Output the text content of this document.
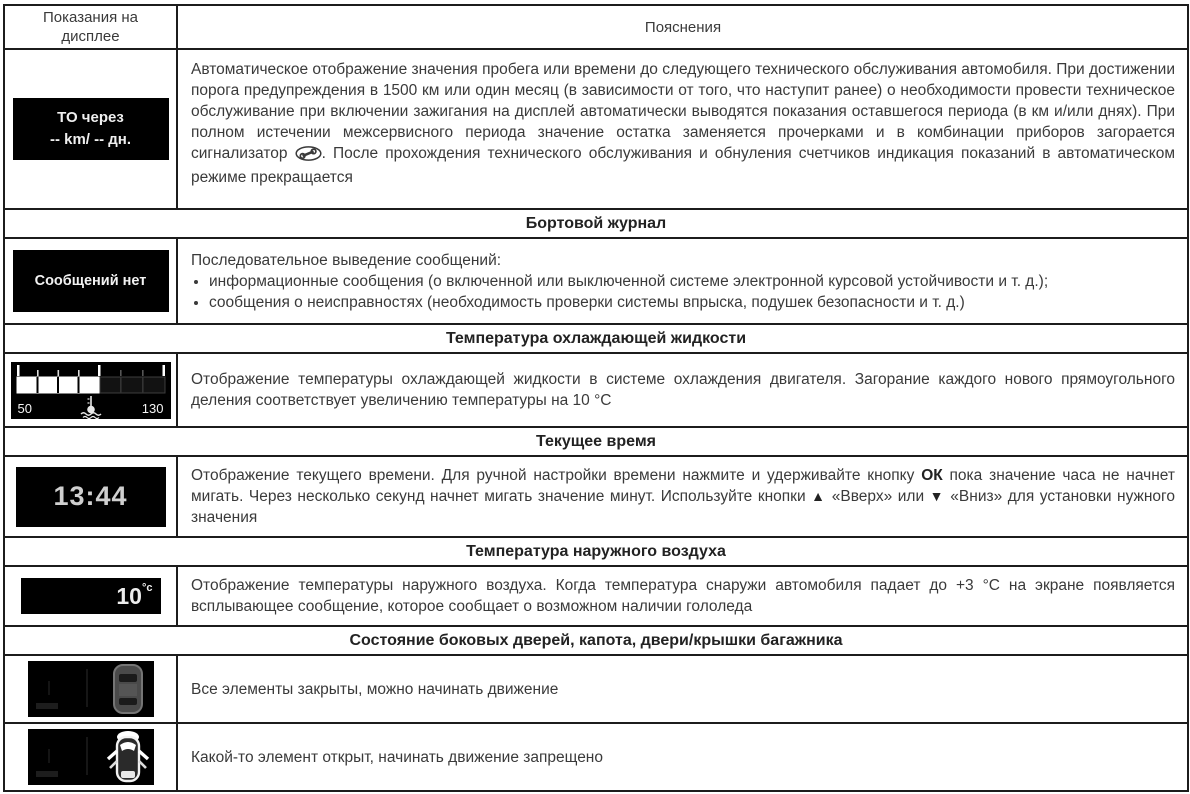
Показания на дисплее
Пояснения
ТО через
-- km/ -- дн.
Автоматическое отображение значения пробега или времени до следующего технического обслуживания автомобиля. При достижении порога предупреждения в 1500 км или один месяц (в зависимости от того, что наступит ранее) о необходимости провести техническое обслуживание при включении зажигания на дисплей автоматически выводятся показания оставшегося периода (в км и/или днях). При полном истечении межсервисного периода значение остатка заменяется прочерками и в комбинации приборов загорается сигнализатор . После прохождения технического обслуживания и обнуления счетчиков индикация показаний в автоматическом режиме прекращается
Бортовой журнал
Сообщений нет
Последовательное выведение сообщений:
• информационные сообщения (о включенной или выключенной системе электронной курсовой устойчивости и т. д.);
• сообщения о неисправностях (необходимость проверки системы впрыска, подушек безопасности и т. д.)
Температура охлаждающей жидкости
50	130
Отображение температуры охлаждающей жидкости в системе охлаждения двигателя. Загорание каждого нового прямоугольного деления соответствует увеличению температуры на 10 °C
Текущее время
13:44
Отображение текущего времени. Для ручной настройки времени нажмите и удерживайте кнопку ОК пока значение часа не начнет мигать. Через несколько секунд начнет мигать значение минут. Используйте кнопки ▲ «Вверх» или ▼ «Вниз» для установки нужного значения
Температура наружного воздуха
10 °c Отображение температуры наружного воздуха. Когда температура снаружи автомобиля падает до +3 °C на экране появляется всплывающее сообщение, которое сообщает о возможном наличии гололеда
Состояние боковых дверей, капота, двери/крышки багажника
Все элементы закрыты, можно начинать движение
Какой-то элемент открыт, начинать движение запрещено
